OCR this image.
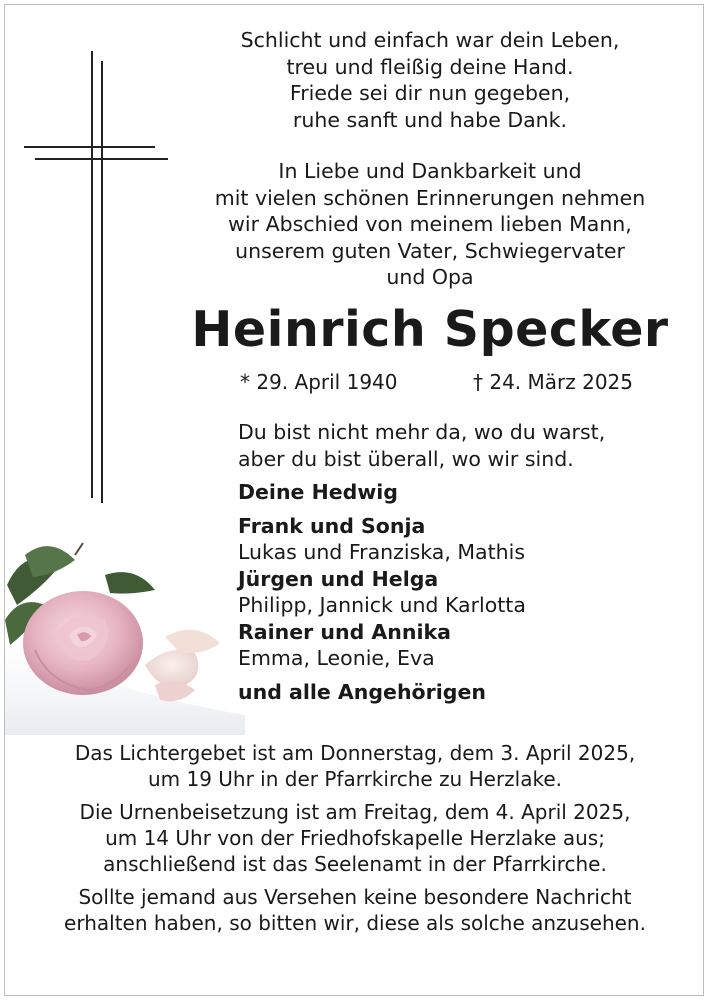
Schlicht und einfach war dein Leben,
treu und fleißig deine Hand.
Friede sei dir nun gegeben,
ruhe sanft und habe Dank.
In Liebe und Dankbarkeit und
mit vielen schönen Erinnerungen nehmen
wir Abschied von meinem lieben Mann,
unserem guten Vater, Schwiegervater
und Opa
Heinrich Specker
* 29. April 1940	† 24. März 2025
Du bist nicht mehr da, wo du warst,
aber du bist überall, wo wir sind.
Deine Hedwig
Frank und Sonja
Lukas und Franziska, Mathis
Jürgen und Helga
Philipp, Jannick und Karlotta
Rainer und Annika
Emma, Leonie, Eva
und alle Angehörigen

Das Lichtergebet ist am Donnerstag, dem 3. April 2025,
um 19 Uhr in der Pfarrkirche zu Herzlake.

Die Urnenbeisetzung ist am Freitag, dem 4. April 2025,
um 14 Uhr von der Friedhofskapelle Herzlake aus;
anschließend ist das Seelenamt in der Pfarrkirche.

Sollte jemand aus Versehen keine besondere Nachricht
erhalten haben, so bitten wir, diese als solche anzusehen.
